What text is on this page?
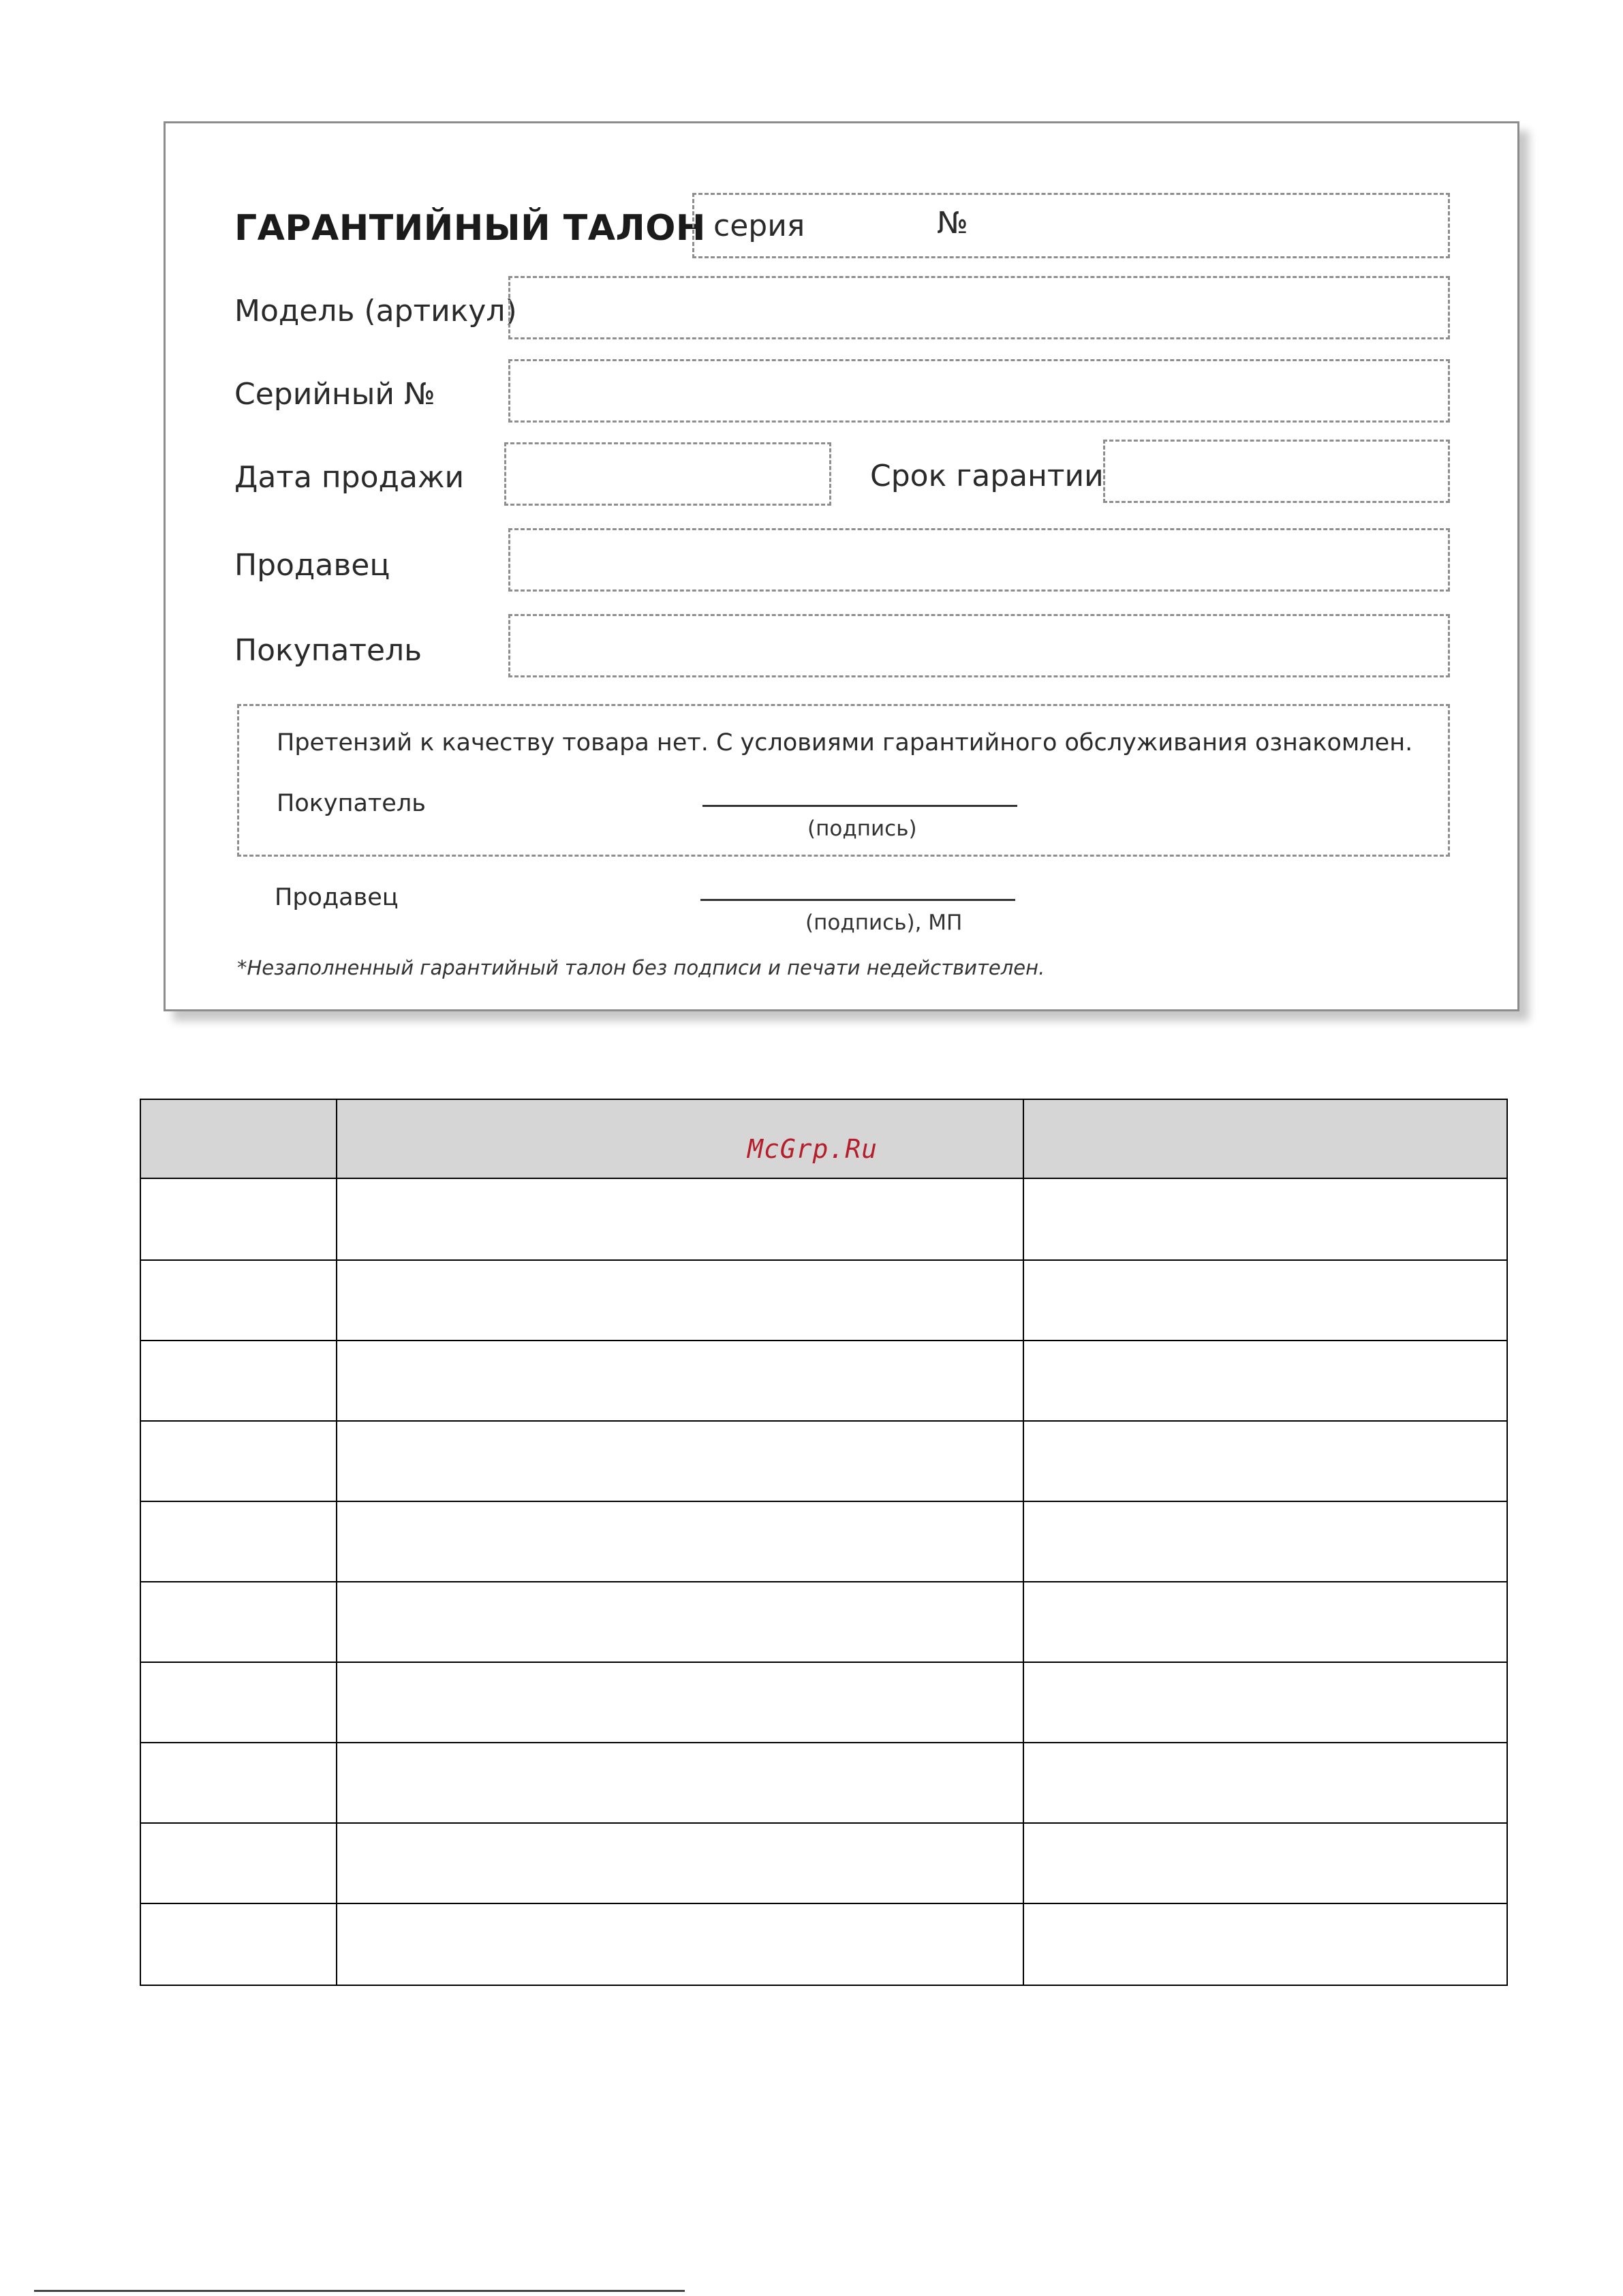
ГАРАНТИЙНЫЙ ТАЛОН серия	№
Модель (артикул)
Серийный №
Дата продажи	Срок гарантии
Продавец
Покупатель
Претензий к качеству товара нет. С условиями гарантийного обслуживания ознакомлен.
Покупатель
(подпись)
Продавец
(подпись), МП
*Незаполненный гарантийный талон без подписи и печати недействителен.
McGrp.Ru
